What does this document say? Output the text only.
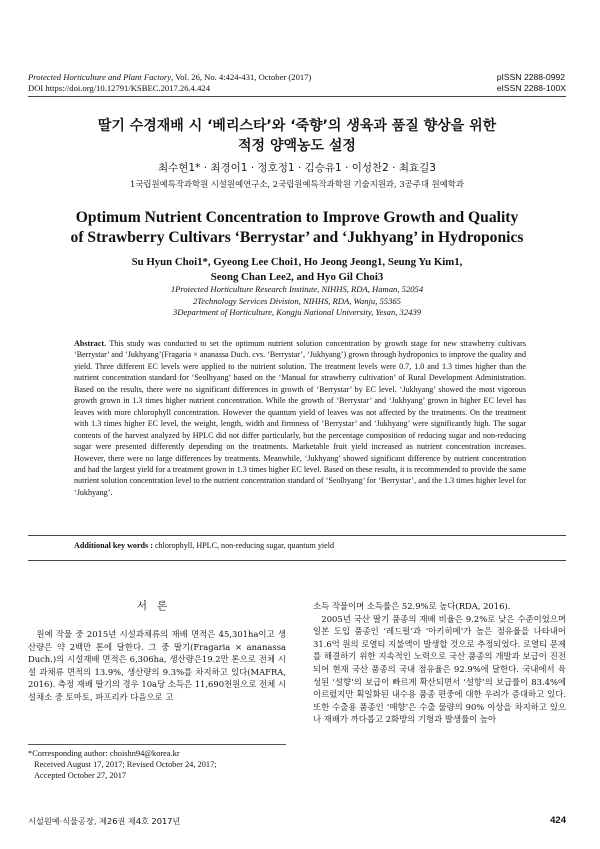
Protected Horticulture and Plant Factory, Vol. 26, No. 4:424-431, October (2017)
DOI https://doi.org/10.12791/KSBEC.2017.26.4.424
pISSN 2288-0992
eISSN 2288-100X
딸기 수경재배 시 ‘베리스타’와 ‘죽향’의 생육과 품질 향상을 위한
적정 양액농도 설정
최수현1* · 최경이1 · 정호정1 · 김승유1 · 이성찬2 · 최효길3
1국립원예특작과학원 시설원예연구소, 2국립원예특작과학원 기술지원과, 3공주대 원예학과
Optimum Nutrient Concentration to Improve Growth and Quality
of Strawberry Cultivars ‘Berrystar’ and ‘Jukhyang’ in Hydroponics
Su Hyun Choi1*, Gyeong Lee Choi1, Ho Jeong Jeong1, Seung Yu Kim1,
Seong Chan Lee2, and Hyo Gil Choi3
1Protected Horticulture Research Institute, NIHHS, RDA, Haman, 52054
2Technology Services Division, NIHHS, RDA, Wanju, 55365
3Department of Horticulture, Kongju National University, Yesan, 32439
Abstract. This study was conducted to set the optimum nutrient solution concentration by growth stage for new strawberry cultivars ‘Berrystar’ and ‘Jukhyang’(Fragaria × ananassa Duch. cvs. ‘Berrystar’, ‘Jukhyang’) grown through hydroponics to improve the quality and yield. Three different EC levels were applied to the nutrient solution. The treatment levels were 0.7, 1.0 and 1.3 times higher than the nutrient concentration standard for ‘Seolhyang’ based on the ‘Manual for strawberry cultivation’ of Rural Development Administration. Based on the results, there were no significant differences in growth of ‘Berrystar’ by EC level. ‘Jukhyang’ showed the most vigorous growth grown in 1.3 times higher nutrient concentration. While the growth of ‘Berrystar’ and ‘Jukhyang’ grown in higher EC level has leaves with more chlorophyll concentration. However the quantum yield of leaves was not affected by the treatments. On the treatment with 1.3 times higher EC level, the weight, length, width and firmness of ‘Berrystar’ and ‘Jukhyang’ were significantly high. The sugar contents of the harvest analyzed by HPLC did not differ particularly, but the percentage composition of reducing sugar and non-reducing sugar were presented differently depending on the treatments. Marketable fruit yield increased as nutrient concentration increases. However, there were no large differences by treatments. Meanwhile, ‘Jukhyang’ showed significant difference by nutrient concentration and had the largest yield for a treatment grown in 1.3 times higher EC level. Based on these results, it is recommended to provide the same nutrient solution concentration level to the nutrient concentration standard of ‘Seolhyang’ for ‘Berrystar’, and the 1.3 times higher level for ‘Jukhyang’.
Additional key words : chlorophyll, HPLC, non-reducing sugar, quantum yield
서론

원예 작물 중 2015년 시설과채류의 재배 면적은 45,301ha이고 생산량은 약 2백만 톤에 달한다. 그 중 딸기(Fragaria × ananassa Duch.)의 시설재배 면적은 6,306ha, 생산량은19.2만 톤으로 전체 시설 과채류 면적의 13.9%, 생산량의 9.3%를 차지하고 있다(MAFRA, 2016). 측정 재배 딸기의 경우 10a당 소득은 11,690천원으로 전체 시설채소 중 토마토, 파프리카 다음으로 고

소득 작물이며 소득률은 52.9%로 높다(RDA, 2016).

2005년 국산 딸기 품종의 재배 비율은 9.2%로 낮은 수준이었으며 일본 도입 품종인 ‘레드펄’과 ‘아키히메’가 높은 점유율을 나타내어 31.6억 원의 로열티 지불액이 발생할 것으로 추정되었다. 로열티 문제를 해결하기 위한 지속적인 노력으로 국산 품종의 개발과 보급이 진전되어 현재 국산 품종의 국내 점유율은 92.9%에 달한다. 국내에서 육성된 ‘설향’의 보급이 빠르게 확산되면서 ‘설향’의 보급률이 83.4%에 이르렀지만 획일화된 내수용 품종 편중에 대한 우려가 증대하고 있다. 또한 수출용 품종인 ‘매향’은 수출 물량의 90% 이상을 차지하고 있으나 재배가 까다롭고 2화방의 기형과 발생률이 높아

*Corresponding author: choishn94@korea.kr
Received August 17, 2017; Revised October 24, 2017;
Accepted October 27, 2017
시설원예·식물공장, 제26권 제4호 2017년	424
